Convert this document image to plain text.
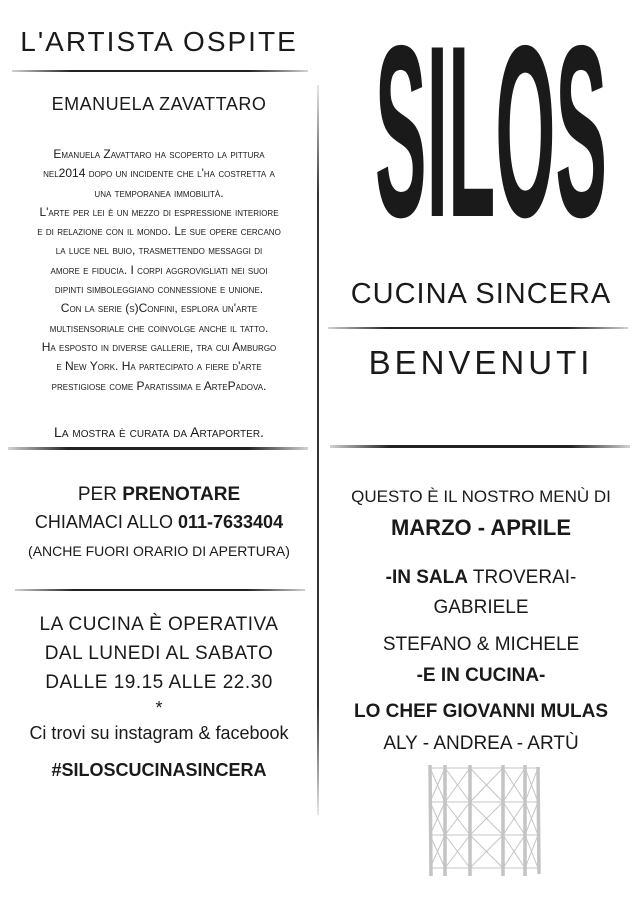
L'ARTISTA OSPITE
EMANUELA ZAVATTARO
Emanuela Zavattaro ha scoperto la pittura
nel2014 dopo un incidente che l'ha costretta a
una temporanea immobilità.
L'arte per lei è un mezzo di espressione interiore
e di relazione con il mondo. Le sue opere cercano
la luce nel buio, trasmettendo messaggi di
amore e fiducia. I corpi aggrovigliati nei suoi
dipinti simboleggiano connessione e unione.
Con la serie (s)Confini, esplora un'arte
multisensoriale che coinvolge anche il tatto.
Ha esposto in diverse gallerie, tra cui Amburgo
e New York. Ha partecipato a fiere d'arte
prestigiose come Paratissima e ArtePadova.
La mostra è curata da Artaporter.
PER PRENOTARE
CHIAMACI ALLO 011-7633404
(ANCHE FUORI ORARIO DI APERTURA)
LA CUCINA È OPERATIVA
DAL LUNEDI AL SABATO
DALLE 19.15 ALLE 22.30
*
Ci trovi su instagram & facebook
#SILOSCUCINASINCERA
SILOS
CUCINA SINCERA
BENVENUTI
QUESTO È IL NOSTRO MENÙ DI
MARZO - APRILE
-IN SALA TROVERAI-
GABRIELE
STEFANO & MICHELE
-E IN CUCINA-
LO CHEF GIOVANNI MULAS
ALY - ANDREA - ARTÙ
